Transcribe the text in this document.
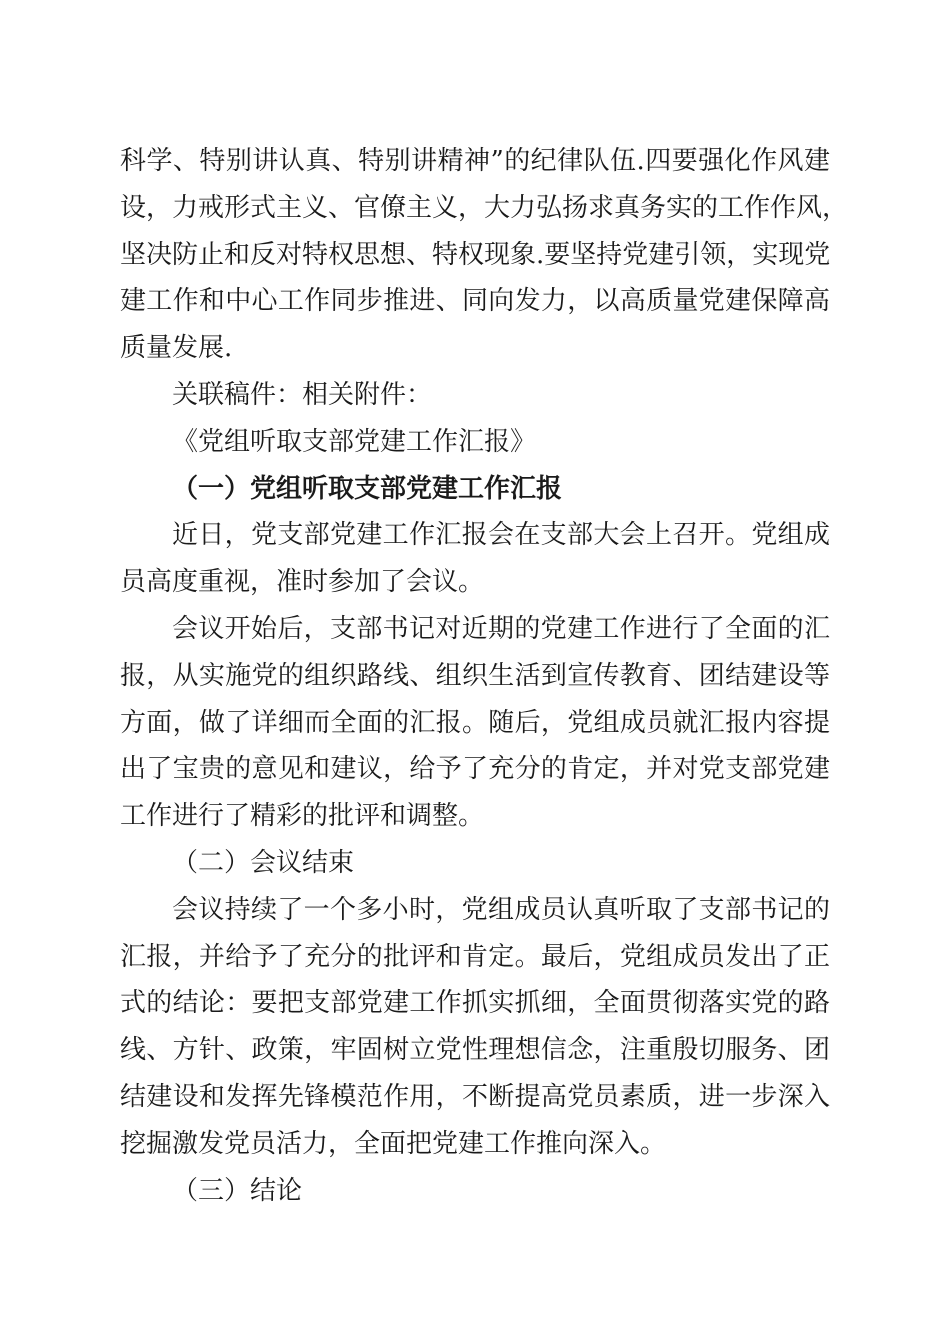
科学、特别讲认真、特别讲精神”的纪律队伍.四要强化作风建
设，力戒形式主义、官僚主义，大力弘扬求真务实的工作作风，
坚决防止和反对特权思想、特权现象.要坚持党建引领，实现党
建工作和中心工作同步推进、同向发力，以高质量党建保障高
质量发展.
关联稿件：相关附件：
《党组听取支部党建工作汇报》
（一）党组听取支部党建工作汇报
近日，党支部党建工作汇报会在支部大会上召开。党组成
员高度重视，准时参加了会议。
会议开始后，支部书记对近期的党建工作进行了全面的汇
报，从实施党的组织路线、组织生活到宣传教育、团结建设等
方面，做了详细而全面的汇报。随后，党组成员就汇报内容提
出了宝贵的意见和建议，给予了充分的肯定，并对党支部党建
工作进行了精彩的批评和调整。
（二）会议结束
会议持续了一个多小时，党组成员认真听取了支部书记的
汇报，并给予了充分的批评和肯定。最后，党组成员发出了正
式的结论：要把支部党建工作抓实抓细，全面贯彻落实党的路
线、方针、政策，牢固树立党性理想信念，注重殷切服务、团
结建设和发挥先锋模范作用，不断提高党员素质，进一步深入
挖掘激发党员活力，全面把党建工作推向深入。
（三）结论
